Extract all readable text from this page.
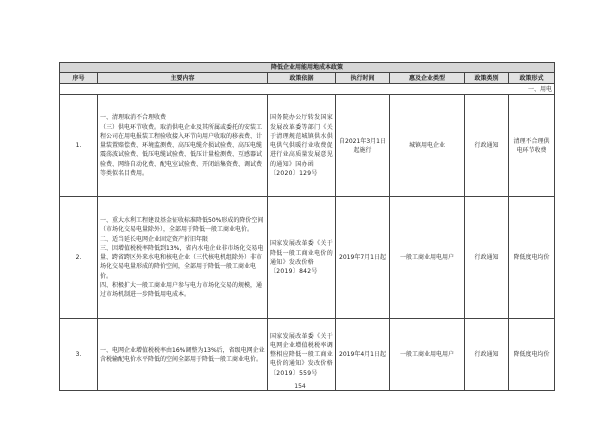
降低企业用能用地成本政策						
序号	主要内容	政策依据	执行时间	惠及企业类型	政策类别	政策形式
一、用电						
1.	一、清理取消不合理收费

（三）供电环节收费。取消供电企业及其所属或委托的安装工程公司在用电报装工程验收接入环节向用户收取的移表费、计量装置赔偿费、环境监测费、高压电缆介损试验费、高压电缆震荡波试验费、低压电缆试验费、低压计量检测费、互感器试验费、网络自动化费、配电室试验费、开闭站集资费、调试费等类似名目费用。	国务院办公厅转发国家发展改革委等部门《关于清理规范城镇供水供电供气供暖行业收费促进行业高质量发展意见的通知》国办函〔2020〕129号	自2021年3月1日起施行	城镇用电企业	行政通知	清理不合理供电环节收费
2.	一、重大水利工程建设基金征收标准降低50%形成的降价空间（市场化交易电量除外），全部用于降低一般工商业电价。

二、适当延长电网企业固定资产折旧年限

三、因增值税税率降低到13%，省内水电企业非市场化交易电量、跨省跨区外来水电和核电企业（三代核电机组除外）非市场化交易电量形成的降价空间，全部用于降低一般工商业电价。

四、积极扩大一般工商业用户参与电力市场化交易的规模，通过市场机制进一步降低用电成本。	国家发展改革委《关于降低一般工商业电价的通知》发改价格〔2019〕842号	2019年7月1日起	一般工商业用电用户	行政通知	降低度电均价
3.	一、电网企业增值税税率由16%调整为13%后，省级电网企业含税输配电价水平降低的空间全部用于降低一般工商业电价。	国家发展改革委《关于电网企业增值税税率调整相应降低一般工商业电价的通知》发改价格〔2019〕559号	2019年4月1日起	一般工商业用电用户	行政通知	降低度电均价
154
